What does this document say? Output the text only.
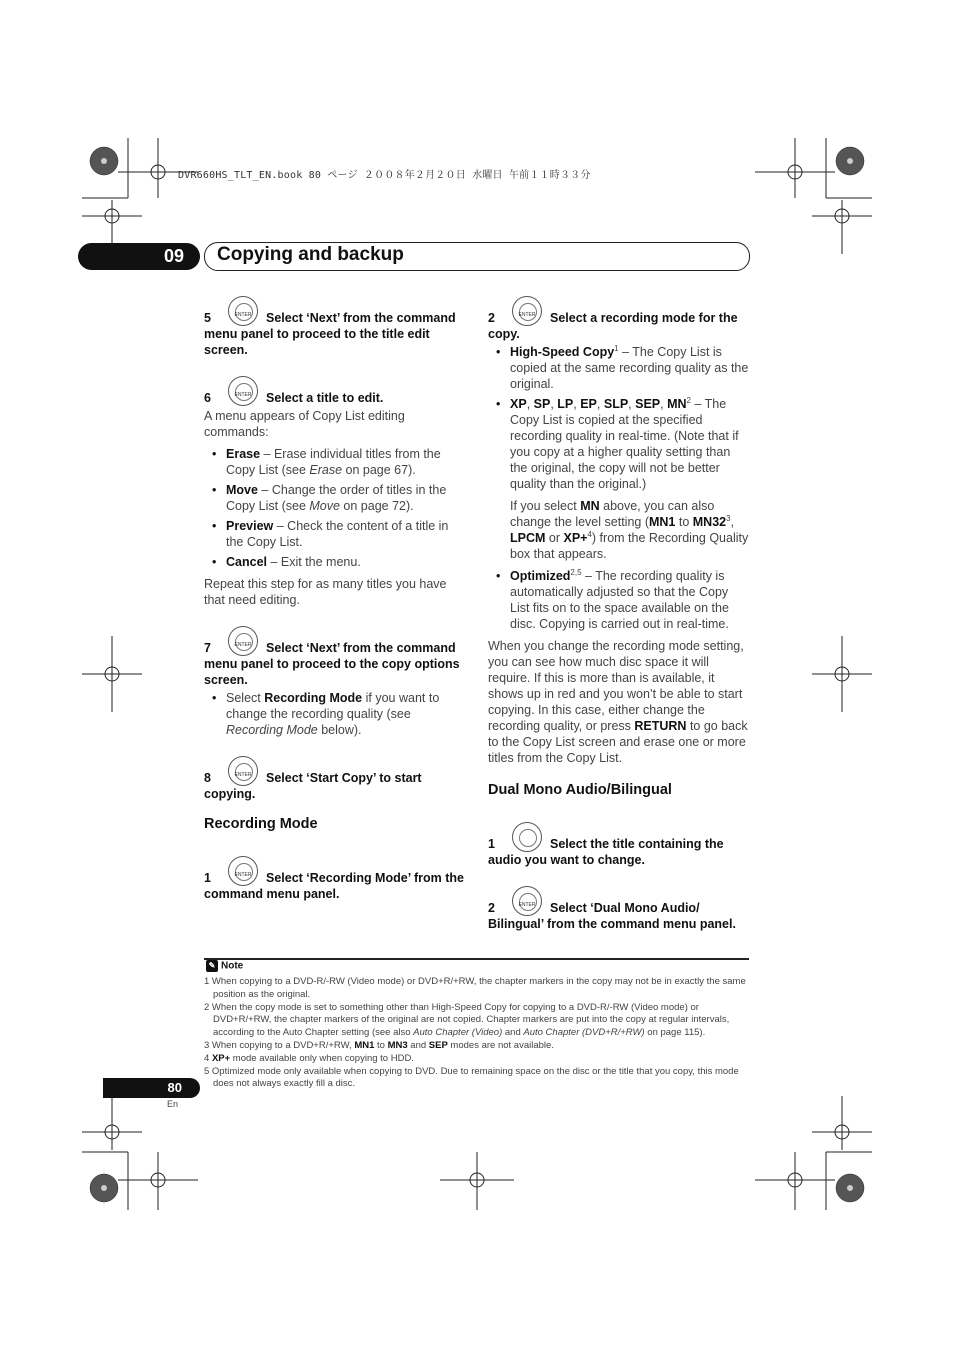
DVR660HS_TLT_EN.book 80 ページ ２００８年２月２０日 水曜日 午前１１時３３分
09 Copying and backup
5 ENTER	Select ‘Next’ from the command menu panel to proceed to the title edit screen.
6 ENTER	Select a title to edit.

A menu appears of Copy List editing commands:

• Erase – Erase individual titles from the Copy List (see Erase on page 67).
• Move – Change the order of titles in the Copy List (see Move on page 72).
• Preview – Check the content of a title in the Copy List.
• Cancel – Exit the menu.

Repeat this step for as many titles you have that need editing.

7 ENTER	Select ‘Next’ from the command menu panel to proceed to the copy options screen.
• Select Recording Mode if you want to change the recording quality (see Recording Mode below).
8 ENTER	Select ‘Start Copy’ to start copying.
Recording Mode
1 ENTER	Select ‘Recording Mode’ from the command menu panel.
2 ENTER	Select a recording mode for the copy.
• High-Speed Copy$^1$ – The Copy List is copied at the same recording quality as the original.
• XP, SP, LP, EP, SLP, SEP, $MN^2$ – The Copy List is copied at the specified recording quality in real-time. (Note that if you copy at a higher quality setting than the original, the copy will not be better quality than the original.)

If you select MN above, you can also change the level setting (MN1 to $MN32^3$, LPCM or XP+$^4$) from the Recording Quality box that appears.

• Optimized$^{2,5}$ – The recording quality is automatically adjusted so that the Copy List fits on to the space available on the disc. Copying is carried out in real-time.

When you change the recording mode setting, you can see how much disc space it will require. If this is more than is available, it shows up in red and you won’t be able to start copying. In this case, either change the recording quality, or press RETURN to go back to the Copy List screen and erase one or more titles from the Copy List.

Dual Mono Audio/Bilingual
1	Select the title containing the audio you want to change.
2 ENTER	Select ‘Dual Mono Audio/ Bilingual’ from the command menu panel.
✎ Note
1 When copying to a DVD-R/-RW (Video mode) or DVD+R/+RW, the chapter markers in the copy may not be in exactly the same position as the original.
2 When the copy mode is set to something other than High-Speed Copy for copying to a DVD-R/-RW (Video mode) or DVD+R/+RW, the chapter markers of the original are not copied. Chapter markers are put into the copy at regular intervals, according to the Auto Chapter setting (see also Auto Chapter (Video) and Auto Chapter (DVD+R/+RW) on page 115).
3 When copying to a DVD+R/+RW, MN1 to MN3 and SEP modes are not available.
4 XP+ mode available only when copying to HDD.
5 Optimized mode only available when copying to DVD. Due to remaining space on the disc or the title that you copy, this mode does not always exactly fill a disc.
80
En
